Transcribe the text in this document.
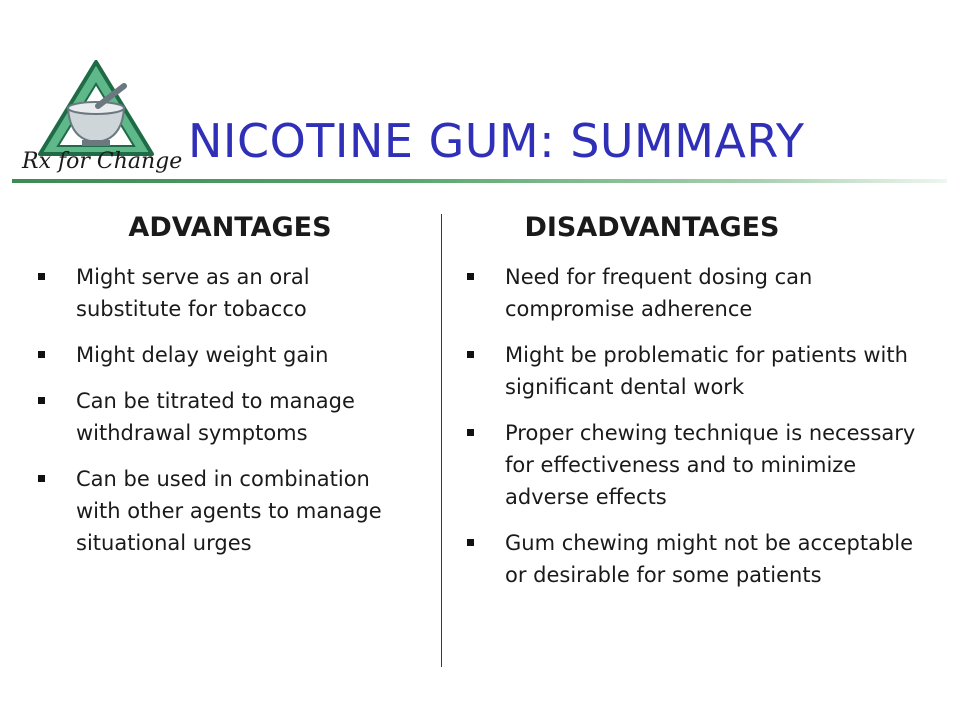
Rx for Change NICOTINE GUM: SUMMARY
ADVANTAGES
Might serve as an oral substitute for tobacco
Might delay weight gain
Can be titrated to manage withdrawal symptoms
Can be used in combination with other agents to manage situational urges
DISADVANTAGES
Need for frequent dosing can compromise adherence
Might be problematic for patients with significant dental work
Proper chewing technique is necessary for effectiveness and to minimize adverse effects
Gum chewing might not be acceptable or desirable for some patients
